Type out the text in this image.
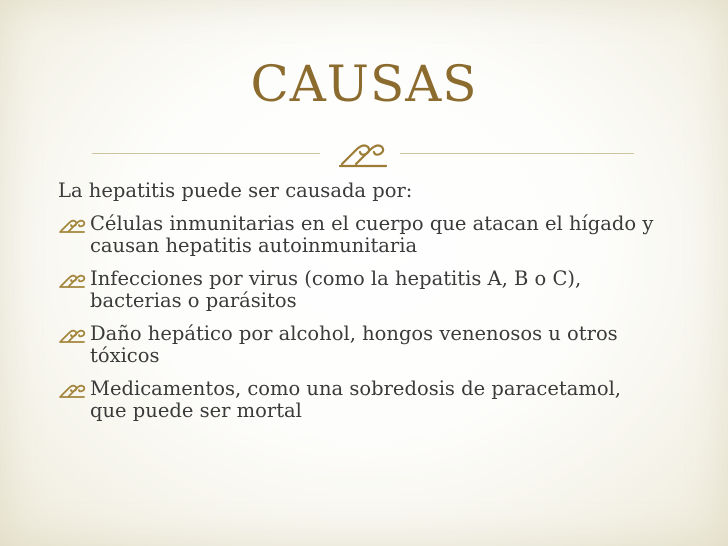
CAUSAS

La hepatitis puede ser causada por:

Células inmunitarias en el cuerpo que atacan el hígado y causan hepatitis autoinmunitaria
Infecciones por virus (como la hepatitis A, B o C), bacterias o parásitos
Daño hepático por alcohol, hongos venenosos u otros tóxicos
Medicamentos, como una sobredosis de paracetamol, que puede ser mortal
